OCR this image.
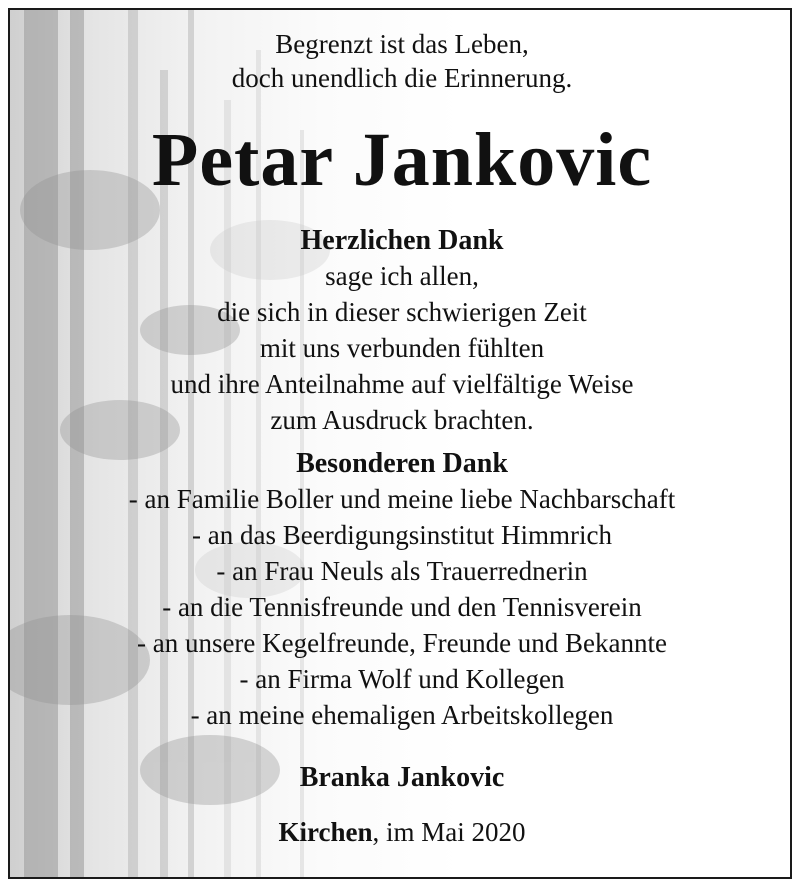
Begrenzt ist das Leben,
doch unendlich die Erinnerung.
Petar Jankovic
Herzlichen Dank
sage ich allen,
die sich in dieser schwierigen Zeit
mit uns verbunden fühlten
und ihre Anteilnahme auf vielfältige Weise
zum Ausdruck brachten.
Besonderen Dank
- an Familie Boller und meine liebe Nachbarschaft
- an das Beerdigungsinstitut Himmrich
- an Frau Neuls als Trauerrednerin
- an die Tennisfreunde und den Tennisverein
- an unsere Kegelfreunde, Freunde und Bekannte
- an Firma Wolf und Kollegen
- an meine ehemaligen Arbeitskollegen
Branka Jankovic
Kirchen, im Mai 2020
